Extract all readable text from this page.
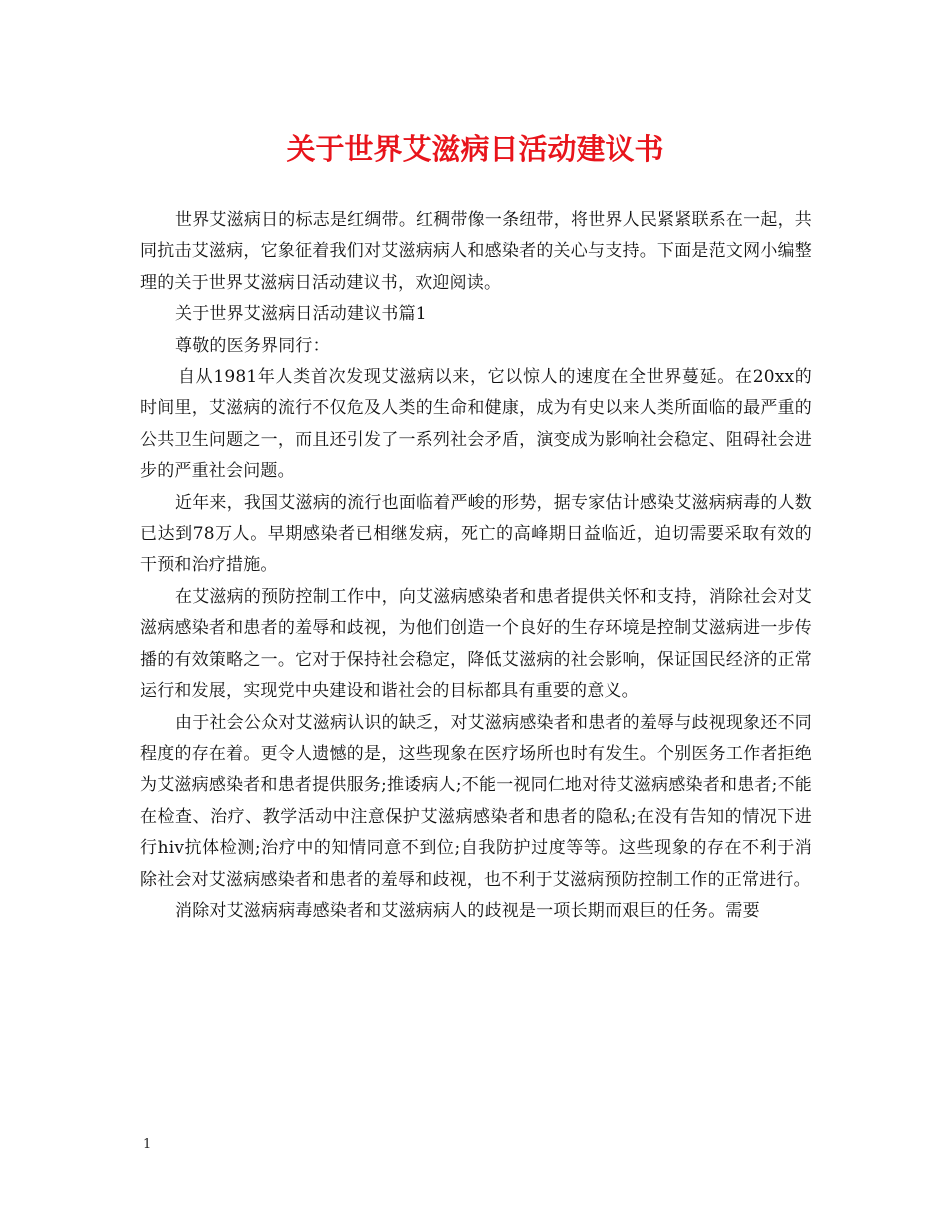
关于世界艾滋病日活动建议书

世界艾滋病日的标志是红绸带。红稠带像一条纽带，将世界人民紧紧联系在一起，共同抗击艾滋病，它象征着我们对艾滋病病人和感染者的关心与支持。下面是范文网小编整理的关于世界艾滋病日活动建议书，欢迎阅读。

关于世界艾滋病日活动建议书篇1

尊敬的医务界同行：

自从1981年人类首次发现艾滋病以来，它以惊人的速度在全世界蔓延。在20xx的时间里，艾滋病的流行不仅危及人类的生命和健康，成为有史以来人类所面临的最严重的公共卫生问题之一，而且还引发了一系列社会矛盾，演变成为影响社会稳定、阻碍社会进步的严重社会问题。

近年来，我国艾滋病的流行也面临着严峻的形势，据专家估计感染艾滋病病毒的人数已达到78万人。早期感染者已相继发病，死亡的高峰期日益临近，迫切需要采取有效的干预和治疗措施。

在艾滋病的预防控制工作中，向艾滋病感染者和患者提供关怀和支持，消除社会对艾滋病感染者和患者的羞辱和歧视，为他们创造一个良好的生存环境是控制艾滋病进一步传播的有效策略之一。它对于保持社会稳定，降低艾滋病的社会影响，保证国民经济的正常运行和发展，实现党中央建设和谐社会的目标都具有重要的意义。

由于社会公众对艾滋病认识的缺乏，对艾滋病感染者和患者的羞辱与歧视现象还不同程度的存在着。更令人遗憾的是，这些现象在医疗场所也时有发生。个别医务工作者拒绝为艾滋病感染者和患者提供服务;推诿病人;不能一视同仁地对待艾滋病感染者和患者;不能在检查、治疗、教学活动中注意保护艾滋病感染者和患者的隐私;在没有告知的情况下进行hiv抗体检测;治疗中的知情同意不到位;自我防护过度等等。这些现象的存在不利于消除社会对艾滋病感染者和患者的羞辱和歧视，也不利于艾滋病预防控制工作的正常进行。

消除对艾滋病病毒感染者和艾滋病病人的歧视是一项长期而艰巨的任务。需要

1
